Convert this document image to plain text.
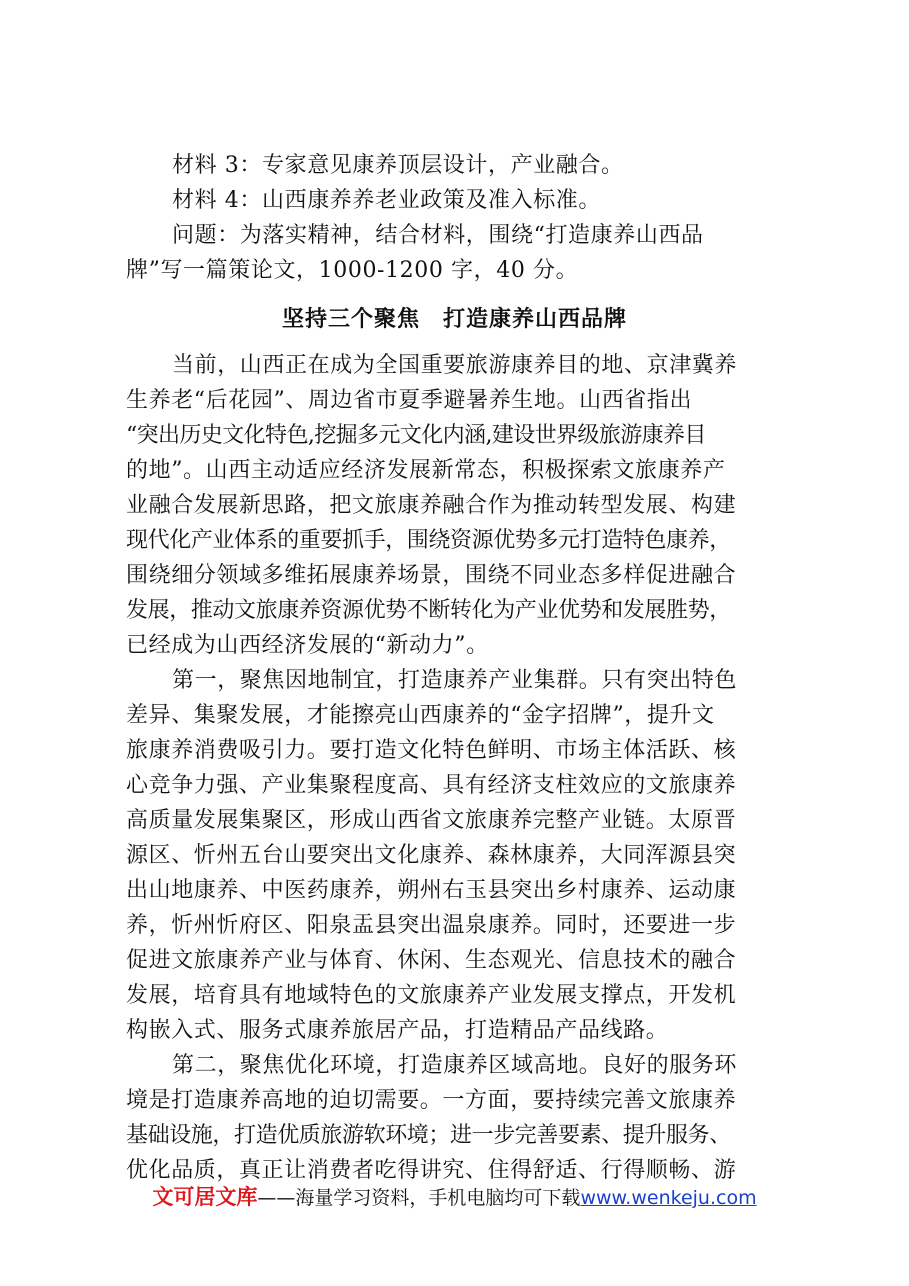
材料 3：专家意见康养顶层设计，产业融合。
材料 4：山西康养养老业政策及准入标准。
问题：为落实精神，结合材料，围绕“打造康养山西品
牌”写一篇策论文，1000-1200 字，40 分。
坚持三个聚焦　打造康养山西品牌
当前，山西正在成为全国重要旅游康养目的地、京津冀养
生养老“后花园”、周边省市夏季避暑养生地。山西省指出
“突出历史文化特色,挖掘多元文化内涵,建设世界级旅游康养目
的地”。山西主动适应经济发展新常态，积极探索文旅康养产
业融合发展新思路，把文旅康养融合作为推动转型发展、构建
现代化产业体系的重要抓手，围绕资源优势多元打造特色康养，
围绕细分领域多维拓展康养场景，围绕不同业态多样促进融合
发展，推动文旅康养资源优势不断转化为产业优势和发展胜势，
已经成为山西经济发展的“新动力”。
第一，聚焦因地制宜，打造康养产业集群。只有突出特色
差异、集聚发展，才能擦亮山西康养的“金字招牌”，提升文
旅康养消费吸引力。要打造文化特色鲜明、市场主体活跃、核
心竞争力强、产业集聚程度高、具有经济支柱效应的文旅康养
高质量发展集聚区，形成山西省文旅康养完整产业链。太原晋
源区、忻州五台山要突出文化康养、森林康养，大同浑源县突
出山地康养、中医药康养，朔州右玉县突出乡村康养、运动康
养，忻州忻府区、阳泉盂县突出温泉康养。同时，还要进一步
促进文旅康养产业与体育、休闲、生态观光、信息技术的融合
发展，培育具有地域特色的文旅康养产业发展支撑点，开发机
构嵌入式、服务式康养旅居产品，打造精品产品线路。
第二，聚焦优化环境，打造康养区域高地。良好的服务环
境是打造康养高地的迫切需要。一方面，要持续完善文旅康养
基础设施，打造优质旅游软环境；进一步完善要素、提升服务、
优化品质，真正让消费者吃得讲究、住得舒适、行得顺畅、游
文可居文库——海量学习资料，手机电脑均可下载www.wenkeju.com
